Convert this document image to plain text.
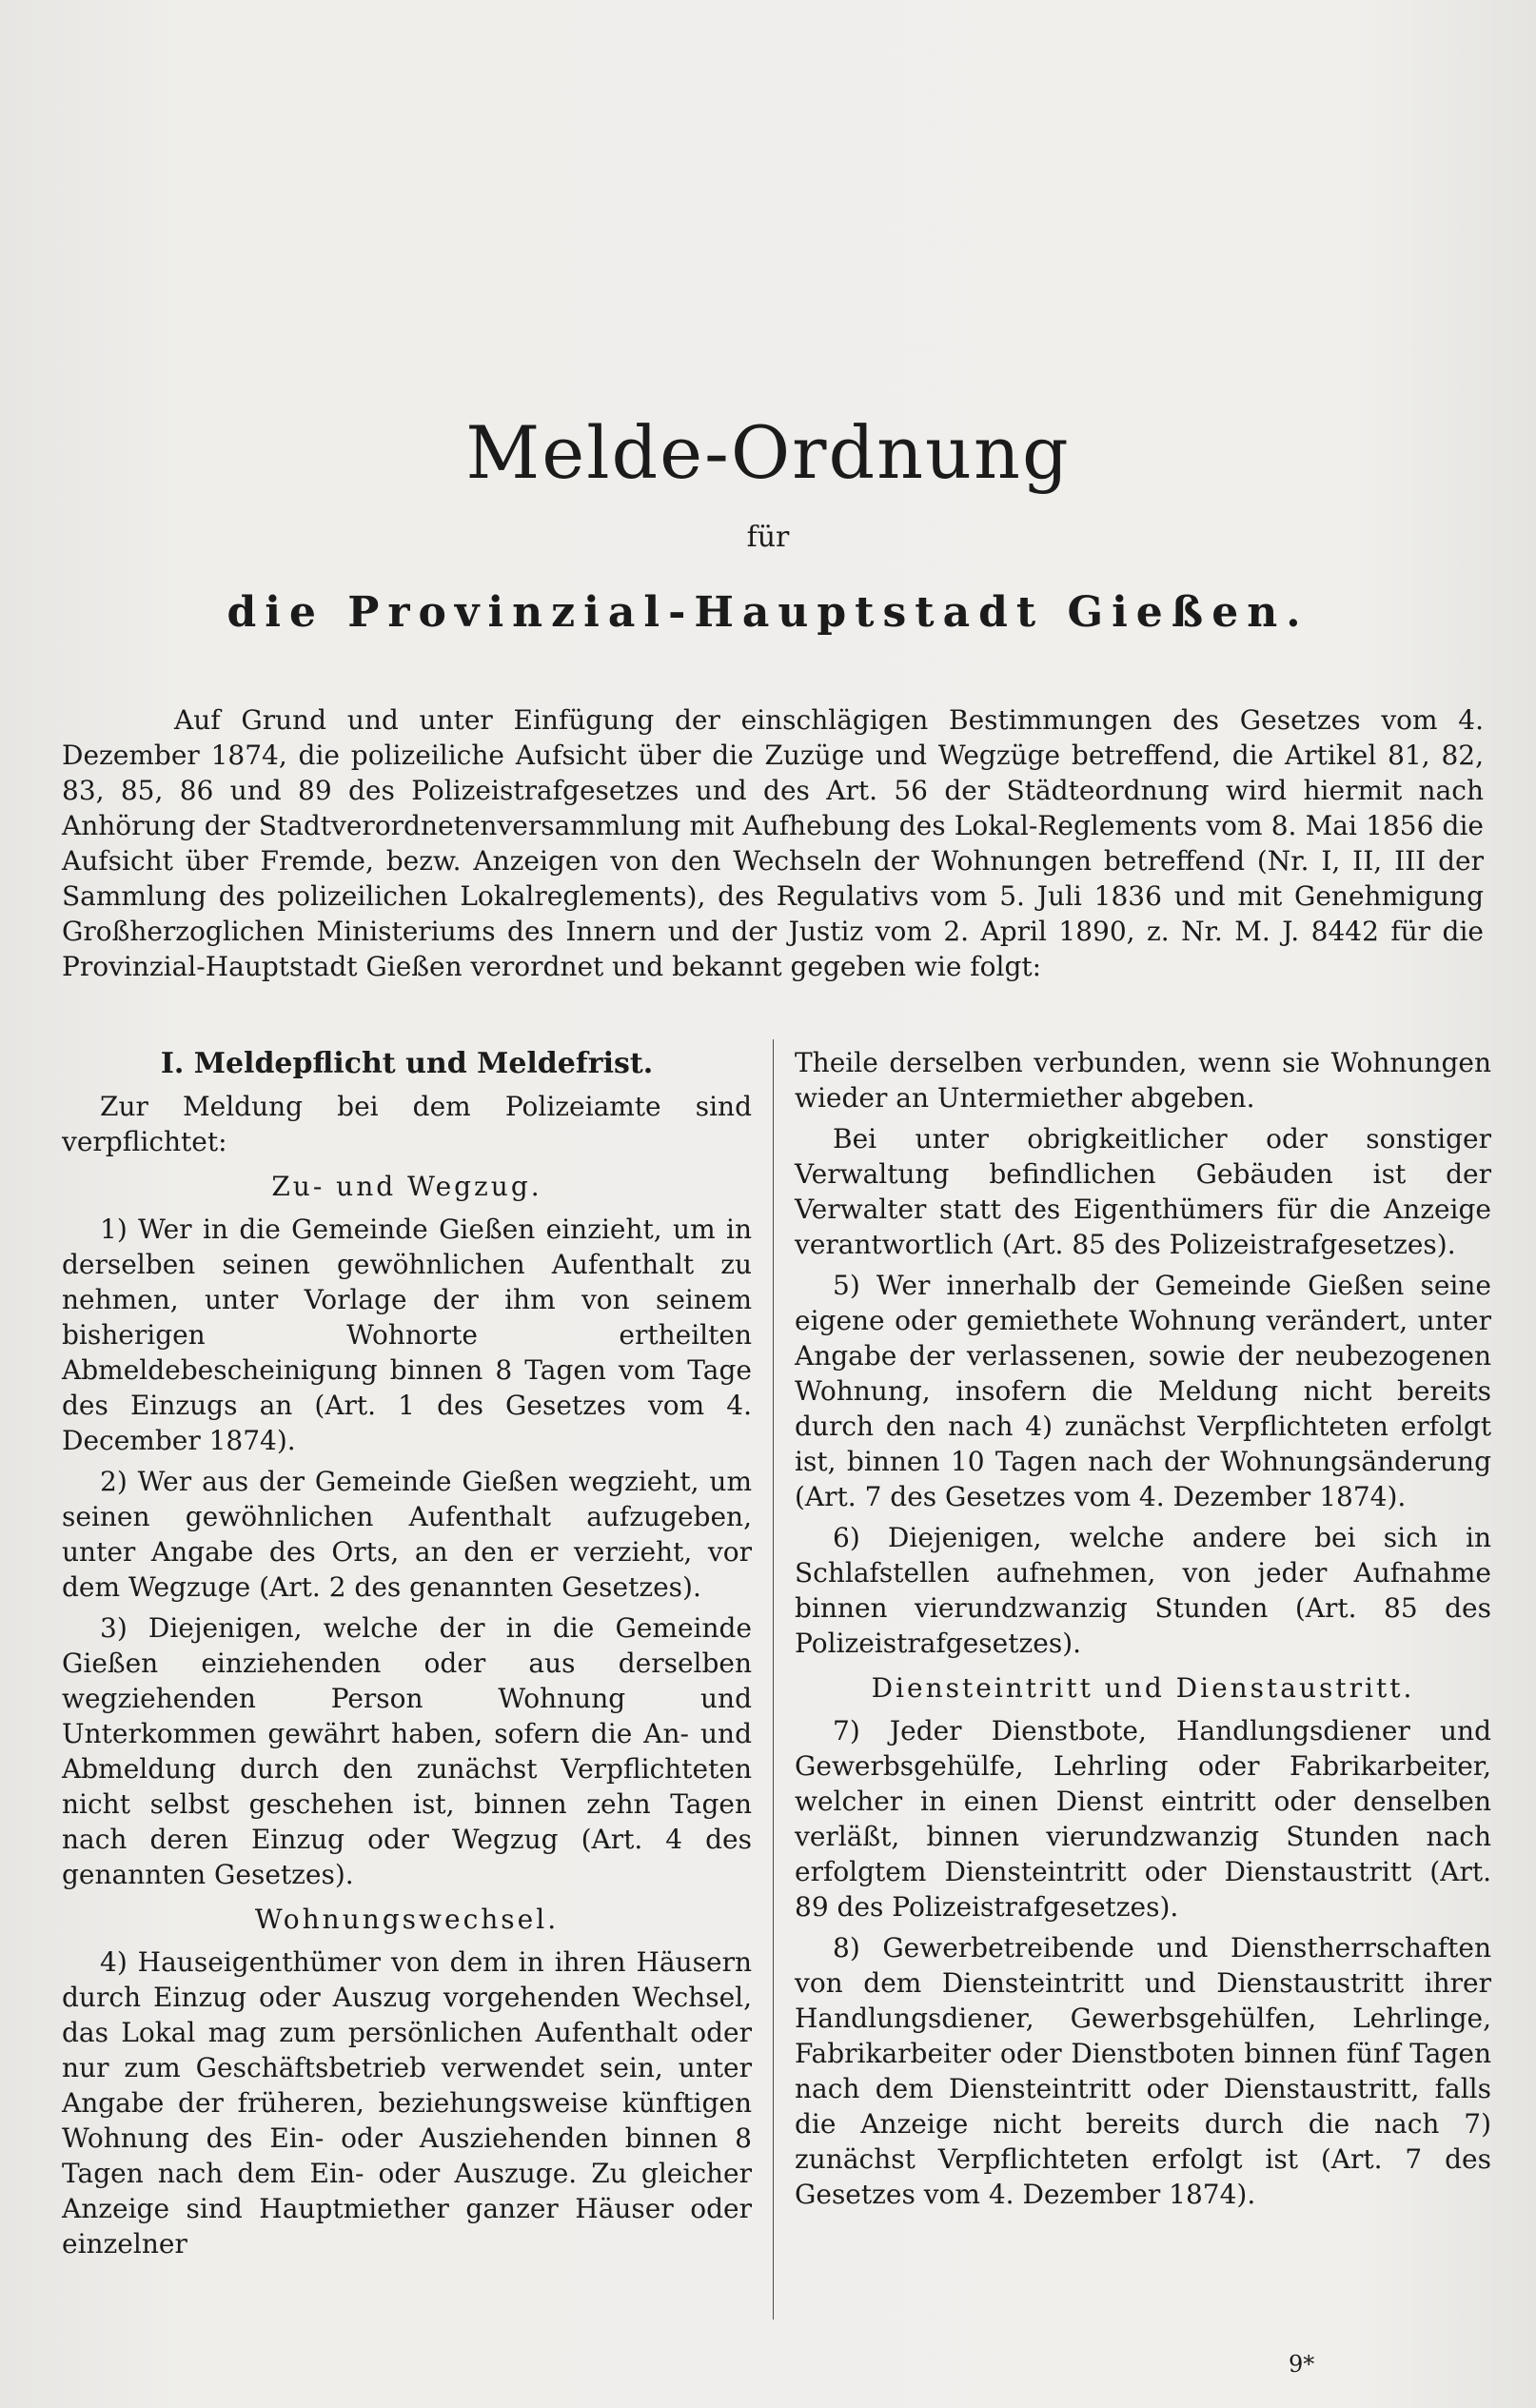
Melde-Ordnung
für
die Provinzial-Hauptstadt Gießen.

Auf Grund und unter Einfügung der einschlägigen Bestimmungen des Gesetzes vom 4. Dezember 1874, die polizeiliche Aufsicht über die Zuzüge und Wegzüge betreffend, die Artikel 81, 82, 83, 85, 86 und 89 des Polizeistrafgesetzes und des Art. 56 der Städteordnung wird hiermit nach Anhörung der Stadtverordnetenversammlung mit Aufhebung des Lokal-Reglements vom 8. Mai 1856 die Aufsicht über Fremde, bezw. Anzeigen von den Wechseln der Wohnungen betreffend (Nr. I, II, III der Sammlung des polizeilichen Lokalreglements), des Regulativs vom 5. Juli 1836 und mit Genehmigung Großherzoglichen Ministeriums des Innern und der Justiz vom 2. April 1890, z. Nr. M. J. 8442 für die Provinzial-Hauptstadt Gießen verordnet und bekannt gegeben wie folgt:

I. Meldepflicht und Meldefrist.

Zur Meldung bei dem Polizeiamte sind verpflichtet:

Zu- und Wegzug.

1) Wer in die Gemeinde Gießen einzieht, um in derselben seinen gewöhnlichen Aufenthalt zu nehmen, unter Vorlage der ihm von seinem bisherigen Wohnorte ertheilten Abmeldebescheinigung binnen 8 Tagen vom Tage des Einzugs an (Art. 1 des Gesetzes vom 4. December 1874).

2) Wer aus der Gemeinde Gießen wegzieht, um seinen gewöhnlichen Aufenthalt aufzugeben, unter Angabe des Orts, an den er verzieht, vor dem Wegzuge (Art. 2 des genannten Gesetzes).

3) Diejenigen, welche der in die Gemeinde Gießen einziehenden oder aus derselben wegziehenden Person Wohnung und Unterkommen gewährt haben, sofern die An- und Abmeldung durch den zunächst Verpflichteten nicht selbst geschehen ist, binnen zehn Tagen nach deren Einzug oder Wegzug (Art. 4 des genannten Gesetzes).

Wohnungswechsel.

4) Hauseigenthümer von dem in ihren Häusern durch Einzug oder Auszug vorgehenden Wechsel, das Lokal mag zum persönlichen Aufenthalt oder nur zum Geschäftsbetrieb verwendet sein, unter Angabe der früheren, beziehungsweise künftigen Wohnung des Ein- oder Ausziehenden binnen 8 Tagen nach dem Ein- oder Auszuge. Zu gleicher Anzeige sind Hauptmiether ganzer Häuser oder einzelner

Theile derselben verbunden, wenn sie Wohnungen wieder an Untermiether abgeben.

Bei unter obrigkeitlicher oder sonstiger Verwaltung befindlichen Gebäuden ist der Verwalter statt des Eigenthümers für die Anzeige verantwortlich (Art. 85 des Polizeistrafgesetzes).

5) Wer innerhalb der Gemeinde Gießen seine eigene oder gemiethete Wohnung verändert, unter Angabe der verlassenen, sowie der neubezogenen Wohnung, insofern die Meldung nicht bereits durch den nach 4) zunächst Verpflichteten erfolgt ist, binnen 10 Tagen nach der Wohnungsänderung (Art. 7 des Gesetzes vom 4. Dezember 1874).

6) Diejenigen, welche andere bei sich in Schlafstellen aufnehmen, von jeder Aufnahme binnen vierundzwanzig Stunden (Art. 85 des Polizeistrafgesetzes).

Diensteintritt und Dienstaustritt.

7) Jeder Dienstbote, Handlungsdiener und Gewerbsgehülfe, Lehrling oder Fabrikarbeiter, welcher in einen Dienst eintritt oder denselben verläßt, binnen vierundzwanzig Stunden nach erfolgtem Diensteintritt oder Dienstaustritt (Art. 89 des Polizeistrafgesetzes).

8) Gewerbetreibende und Dienstherrschaften von dem Diensteintritt und Dienstaustritt ihrer Handlungsdiener, Gewerbsgehülfen, Lehrlinge, Fabrikarbeiter oder Dienstboten binnen fünf Tagen nach dem Diensteintritt oder Dienstaustritt, falls die Anzeige nicht bereits durch die nach 7) zunächst Verpflichteten erfolgt ist (Art. 7 des Gesetzes vom 4. Dezember 1874).

9*
